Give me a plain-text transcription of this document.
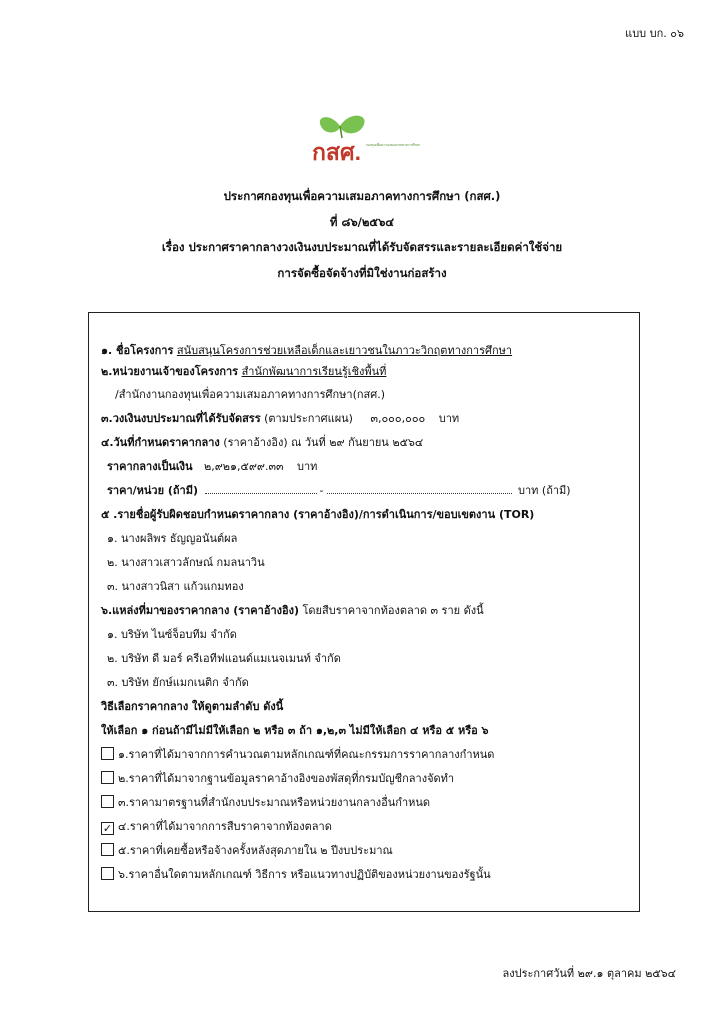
แบบ บก. ๐๖
กสศ. กองทุนเพื่อความเสมอภาคทางการศึกษา
ประกาศกองทุนเพื่อความเสมอภาคทางการศึกษา (กสศ.)
ที่ ๘๖/๒๕๖๔
เรื่อง ประกาศราคากลางวงเงินงบประมาณที่ได้รับจัดสรรและรายละเอียดค่าใช้จ่าย
การจัดซื้อจัดจ้างที่มิใช่งานก่อสร้าง
๑. ชื่อโครงการ สนับสนุนโครงการช่วยเหลือเด็กและเยาวชนในภาวะวิกฤตทางการศึกษา
๒.หน่วยงานเจ้าของโครงการ สำนักพัฒนาการเรียนรู้เชิงพื้นที่
/สำนักงานกองทุนเพื่อความเสมอภาคทางการศึกษา(กสศ.)
๓.วงเงินงบประมาณที่ได้รับจัดสรร (ตามประกาศแผน) ๓,๐๐๐,๐๐๐ บาท
๔.วันที่กำหนดราคากลาง (ราคาอ้างอิง) ณ วันที่ ๒๙ กันยายน ๒๕๖๔
ราคากลางเป็นเงิน ๒,๙๒๑,๕๙๙.๓๓ บาท
ราคา/หน่วย (ถ้ามี)	-	บาท (ถ้ามี)
๕ .รายชื่อผู้รับผิดชอบกำหนดราคากลาง (ราคาอ้างอิง)/การดำเนินการ/ขอบเขตงาน (TOR)
๑. นางผลิพร ธัญญอนันต์ผล
๒. นางสาวเสาวลักษณ์ กมลนาวิน
๓. นางสาวนิสา แก้วแกมทอง
๖.แหล่งที่มาของราคากลาง (ราคาอ้างอิง) โดยสืบราคาจากท้องตลาด ๓ ราย ดังนี้
๑. บริษัท ไนซ์จ็อบทีม จำกัด
๒. บริษัท ดี มอร์ ครีเอทีฟแอนด์แมเนจเมนท์ จำกัด
๓. บริษัท ยักษ์แมกเนติก จำกัด
วิธีเลือกราคากลาง ให้ดูตามลำดับ ดังนี้
ให้เลือก ๑ ก่อนถ้ามีไม่มีให้เลือก ๒ หรือ ๓ ถ้า ๑,๒,๓ ไม่มีให้เลือก ๔ หรือ ๕ หรือ ๖
๑.ราคาที่ได้มาจากการคำนวณตามหลักเกณฑ์ที่คณะกรรมการราคากลางกำหนด
๒.ราคาที่ได้มาจากฐานข้อมูลราคาอ้างอิงของพัสดุที่กรมบัญชีกลางจัดทำ
๓.ราคามาตรฐานที่สำนักงบประมาณหรือหน่วยงานกลางอื่นกำหนด
✓ ๔.ราคาที่ได้มาจากการสืบราคาจากท้องตลาด
๕.ราคาที่เคยซื้อหรือจ้างครั้งหลังสุดภายใน ๒ ปีงบประมาณ
๖.ราคาอื่นใดตามหลักเกณฑ์ วิธีการ หรือแนวทางปฏิบัติของหน่วยงานของรัฐนั้น
ลงประกาศวันที่ ๒๙.๑ ตุลาคม ๒๕๖๔
